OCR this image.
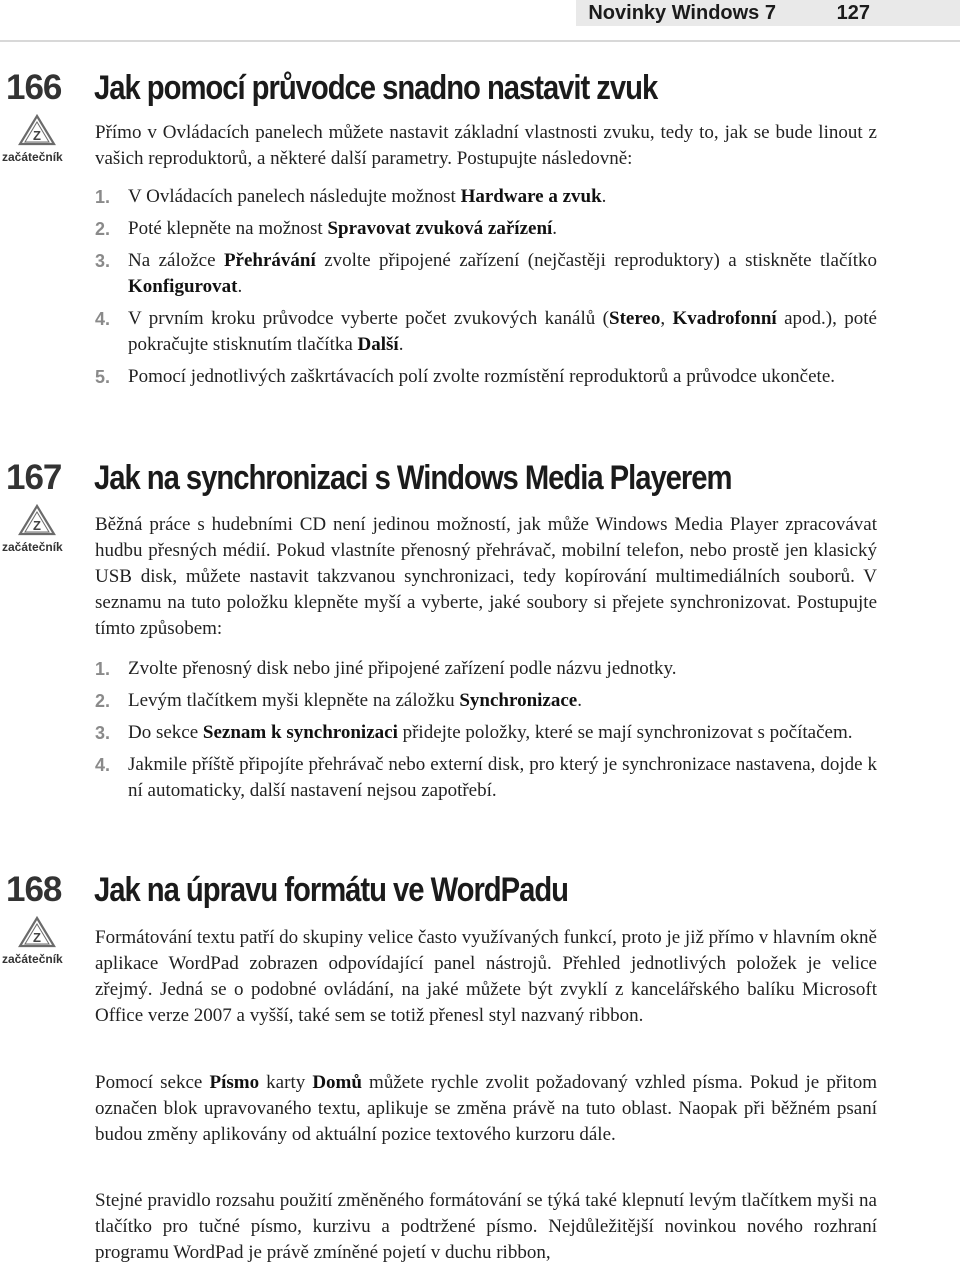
Novinky Windows 7	127
166
Z
začátečník
Jak pomocí průvodce snadno nastavit zvuk

Přímo v Ovládacích panelech můžete nastavit základní vlastnosti zvuku, tedy to, jak se bude linout z vašich reproduktorů, a některé další parametry. Postupujte následovně:

1. V Ovládacích panelech následujte možnost Hardware a zvuk.
2. Poté klepněte na možnost Spravovat zvuková zařízení.
3. Na záložce Přehrávání zvolte připojené zařízení (nejčastěji reproduktory) a stiskněte tlačítko Konfigurovat.
4. V prvním kroku průvodce vyberte počet zvukových kanálů (Stereo, Kvadrofonní apod.), poté pokračujte stisknutím tlačítka Další.
5. Pomocí jednotlivých zaškrtávacích polí zvolte rozmístění reproduktorů a průvodce ukončete.
167
Z
začátečník
Jak na synchronizaci s Windows Media Playerem

Běžná práce s hudebními CD není jedinou možností, jak může Windows Media Player zpracovávat hudbu přesných médií. Pokud vlastníte přenosný přehrávač, mobilní telefon, nebo prostě jen klasický USB disk, můžete nastavit takzvanou synchronizaci, tedy kopírování multimediálních souborů. V seznamu na tuto položku klepněte myší a vyberte, jaké soubory si přejete synchronizovat. Postupujte tímto způsobem:

1. Zvolte přenosný disk nebo jiné připojené zařízení podle názvu jednotky.
2. Levým tlačítkem myši klepněte na záložku Synchronizace.
3. Do sekce Seznam k synchronizaci přidejte položky, které se mají synchronizovat s počítačem.
4. Jakmile příště připojíte přehrávač nebo externí disk, pro který je synchronizace nastavena, dojde k ní automaticky, další nastavení nejsou zapotřebí.
168
Z
začátečník
Jak na úpravu formátu ve WordPadu

Formátování textu patří do skupiny velice často využívaných funkcí, proto je již přímo v hlavním okně aplikace WordPad zobrazen odpovídající panel nástrojů. Přehled jednotlivých položek je velice zřejmý. Jedná se o podobné ovládání, na jaké můžete být zvyklí z kancelářského balíku Microsoft Office verze 2007 a vyšší, také sem se totiž přenesl styl nazvaný ribbon.

Pomocí sekce Písmo karty Domů můžete rychle zvolit požadovaný vzhled písma. Pokud je přitom označen blok upravovaného textu, aplikuje se změna právě na tuto oblast. Naopak při běžném psaní budou změny aplikovány od aktuální pozice textového kurzoru dále.

Stejné pravidlo rozsahu použití změněného formátování se týká také klepnutí levým tlačítkem myši na tlačítko pro tučné písmo, kurzivu a podtržené písmo. Nejdůležitější novinkou nového rozhraní programu WordPad je právě zmíněné pojetí v duchu ribbon,
